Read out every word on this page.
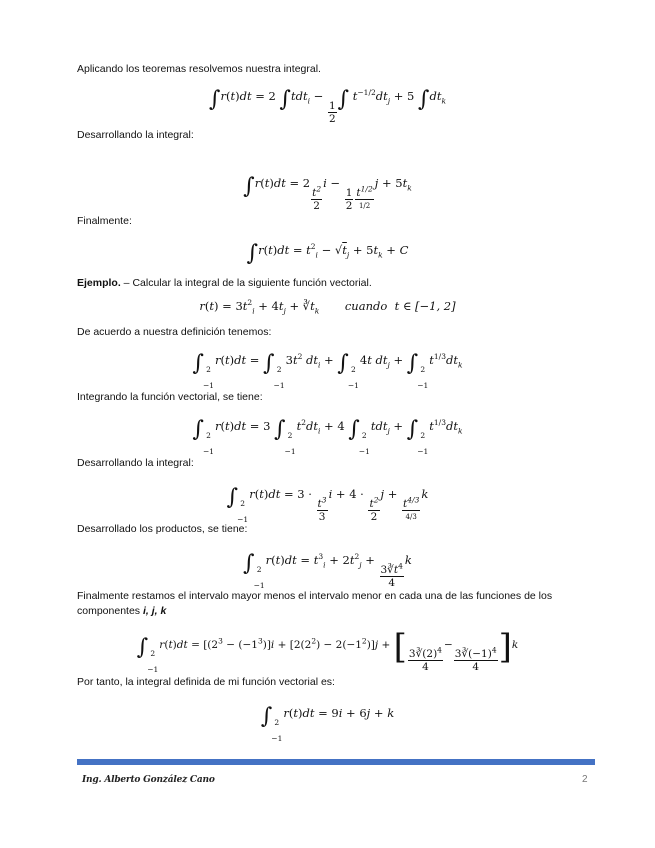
Aplicando los teoremas resolvemos nuestra integral.
∫r(t)dt = 2 ∫tdt$_i$ −
$\frac{1}{2}$
∫ $t^{-1/2}dt_j + 5$ $\int dt_k$
Desarrollando la integral:
∫r(t)dt = 2
$\frac{t^2}{2}$
i −
$\frac{1}{2} \frac{t^{1/2}}{1/2}$
$j + 5t_k$
Finalmente:
$\int r(t)dt = t^2_i - √t_j + 5t_k + C$
Ejemplo. – Calcular la integral de la siguiente función vectorial.
$r(t) = 3t^2_i + 4t_j$ + $∛t_k$ cuando t ∈ [−1, 2]
De acuerdo a nuestra definición tenemos:
∫ 2
−1
r(t)dt = ∫ 2
−1
$3t^2$ $dt_i$ + ∫ 2
−1
4t $dt_j$ + ∫ 2
−1
$t^{1/3}dt_k$
Integrando la función vectorial, se tiene:
∫ 2
−1
r(t)dt = 3 ∫ 2
−1
$t^2dt_i + 4$ ∫ 2
−1
tdt$_j$ + ∫ 2
−1
$t^{1/3}dt_k$
Desarrollando la integral:
∫ 2
−1
r(t)dt = 3 ·
$\frac{t^3}{3}$
i + 4 ·
$\frac{t^2}{2}$
j +
$\frac{t^{4/3}}{4/3}$
k
Desarrollado los productos, se tiene:
∫ 2
−1
$r(t)dt = t^3_i + 2t^2_j$ +
$\frac{3∛t^4}{4}$
k
Finalmente restamos el intervalo mayor menos el intervalo menor en cada una de las funciones de los
componentes i, j, k
∫ 2
−1
$r(t)dt = [(2^3 - (-1^3)]i + [2(2^2) - 2(-1^2)]j$ + [ $\frac{3∛(2)^4}{4}$
−
$\frac{3∛(-1)^4}{4} ]k$
Por tanto, la integral definida de mi función vectorial es:
∫ 2
−1
r(t)dt = 9i + 6j + k
Ing. Alberto González Cano	2
